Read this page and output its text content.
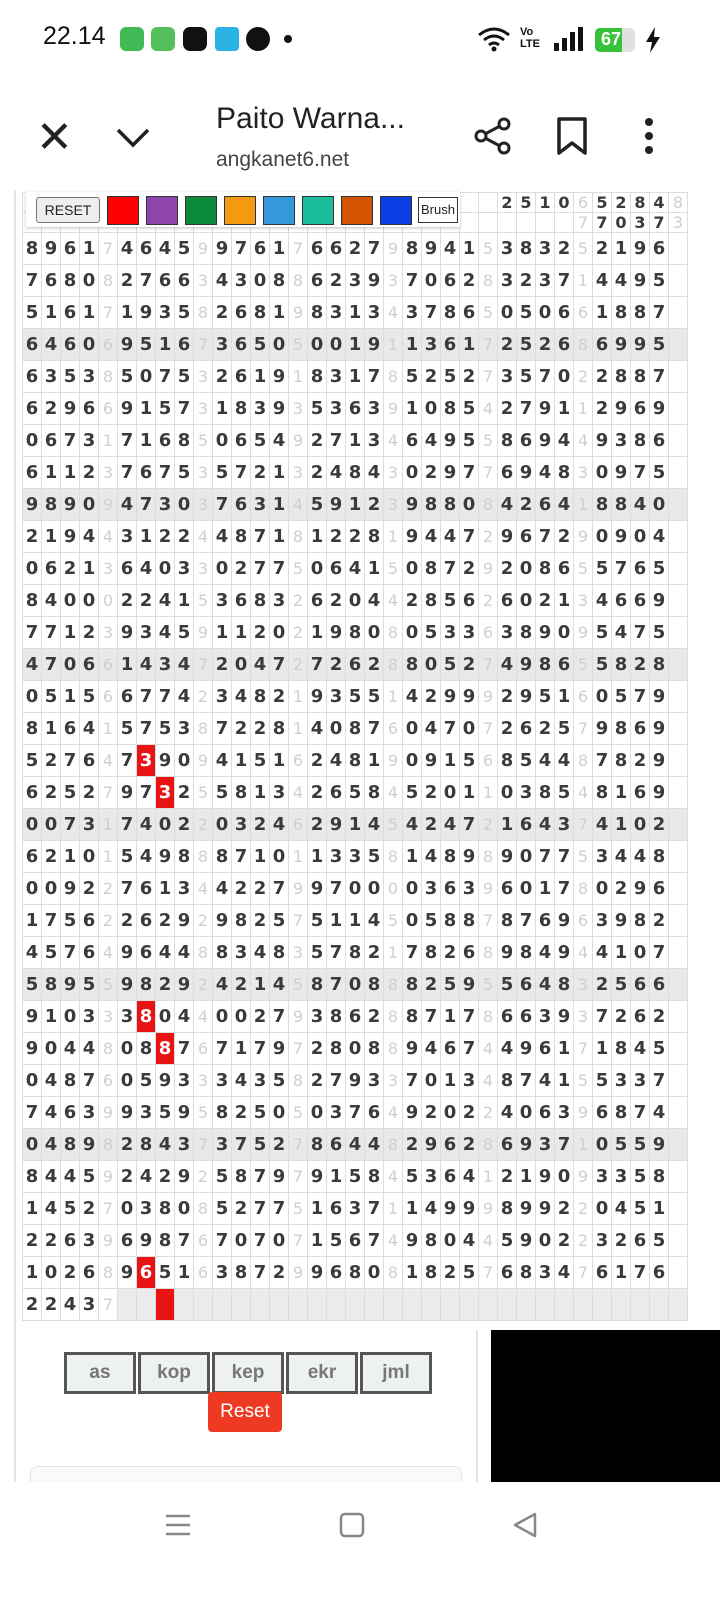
22.14	Vo LTE	67
✕	Paito Warna...
angkanet6.net
																									2	5	1	0	6	5	2	8	4	8
																													7	7	0	3	7	3
8	9	6	1	7	4	6	4	5	9	9	7	6	1	7	6	6	2	7	9	8	9	4	1	5	3	8	3	2	5	2	1	9	6	
7	6	8	0	8	2	7	6	6	3	4	3	0	8	8	6	2	3	9	3	7	0	6	2	8	3	2	3	7	1	4	4	9	5	
5	1	6	1	7	1	9	3	5	8	2	6	8	1	9	8	3	1	3	4	3	7	8	6	5	0	5	0	6	6	1	8	8	7	
6	4	6	0	6	9	5	1	6	7	3	6	5	0	5	0	0	1	9	1	1	3	6	1	7	2	5	2	6	8	6	9	9	5	
6	3	5	3	8	5	0	7	5	3	2	6	1	9	1	8	3	1	7	8	5	2	5	2	7	3	5	7	0	2	2	8	8	7	
6	2	9	6	6	9	1	5	7	3	1	8	3	9	3	5	3	6	3	9	1	0	8	5	4	2	7	9	1	1	2	9	6	9	
0	6	7	3	1	7	1	6	8	5	0	6	5	4	9	2	7	1	3	4	6	4	9	5	5	8	6	9	4	4	9	3	8	6	
6	1	1	2	3	7	6	7	5	3	5	7	2	1	3	2	4	8	4	3	0	2	9	7	7	6	9	4	8	3	0	9	7	5	
9	8	9	0	9	4	7	3	0	3	7	6	3	1	4	5	9	1	2	3	9	8	8	0	8	4	2	6	4	1	8	8	4	0	
2	1	9	4	4	3	1	2	2	4	4	8	7	1	8	1	2	2	8	1	9	4	4	7	2	9	6	7	2	9	0	9	0	4	
0	6	2	1	3	6	4	0	3	3	0	2	7	7	5	0	6	4	1	5	0	8	7	2	9	2	0	8	6	5	5	7	6	5	
8	4	0	0	0	2	2	4	1	5	3	6	8	3	2	6	2	0	4	4	2	8	5	6	2	6	0	2	1	3	4	6	6	9	
7	7	1	2	3	9	3	4	5	9	1	1	2	0	2	1	9	8	0	8	0	5	3	3	6	3	8	9	0	9	5	4	7	5	
4	7	0	6	6	1	4	3	4	7	2	0	4	7	2	7	2	6	2	8	8	0	5	2	7	4	9	8	6	5	5	8	2	8	
0	5	1	5	6	6	7	7	4	2	3	4	8	2	1	9	3	5	5	1	4	2	9	9	9	2	9	5	1	6	0	5	7	9	
8	1	6	4	1	5	7	5	3	8	7	2	2	8	1	4	0	8	7	6	0	4	7	0	7	2	6	2	5	7	9	8	6	9	
5	2	7	6	4	7	3	9	0	9	4	1	5	1	6	2	4	8	1	9	0	9	1	5	6	8	5	4	4	8	7	8	2	9	
6	2	5	2	7	9	7	3	2	5	5	8	1	3	4	2	6	5	8	4	5	2	0	1	1	0	3	8	5	4	8	1	6	9	
0	0	7	3	1	7	4	0	2	2	0	3	2	4	6	2	9	1	4	5	4	2	4	7	2	1	6	4	3	7	4	1	0	2	
6	2	1	0	1	5	4	9	8	8	8	7	1	0	1	1	3	3	5	8	1	4	8	9	8	9	0	7	7	5	3	4	4	8	
0	0	9	2	2	7	6	1	3	4	4	2	2	7	9	9	7	0	0	0	0	3	6	3	9	6	0	1	7	8	0	2	9	6	
1	7	5	6	2	2	6	2	9	2	9	8	2	5	7	5	1	1	4	5	0	5	8	8	7	8	7	6	9	6	3	9	8	2	
4	5	7	6	4	9	6	4	4	8	8	3	4	8	3	5	7	8	2	1	7	8	2	6	8	9	8	4	9	4	4	1	0	7	
5	8	9	5	5	9	8	2	9	2	4	2	1	4	5	8	7	0	8	8	8	2	5	9	5	5	6	4	8	3	2	5	6	6	
9	1	0	3	3	3	8	0	4	4	0	0	2	7	9	3	8	6	2	8	8	7	1	7	8	6	6	3	9	3	7	2	6	2	
9	0	4	4	8	0	8	8	7	6	7	1	7	9	7	2	8	0	8	8	9	4	6	7	4	4	9	6	1	7	1	8	4	5	
0	4	8	7	6	0	5	9	3	3	3	4	3	5	8	2	7	9	3	3	7	0	1	3	4	8	7	4	1	5	5	3	3	7	
7	4	6	3	9	9	3	5	9	5	8	2	5	0	5	0	3	7	6	4	9	2	0	2	2	4	0	6	3	9	6	8	7	4	
0	4	8	9	8	2	8	4	3	7	3	7	5	2	7	8	6	4	4	8	2	9	6	2	8	6	9	3	7	1	0	5	5	9	
8	4	4	5	9	2	4	2	9	2	5	8	7	9	7	9	1	5	8	4	5	3	6	4	1	2	1	9	0	9	3	3	5	8	
1	4	5	2	7	0	3	8	0	8	5	2	7	7	5	1	6	3	7	1	1	4	9	9	9	8	9	9	2	2	0	4	5	1	
2	2	6	3	9	6	9	8	7	6	7	0	7	0	7	1	5	6	7	4	9	8	0	4	4	5	9	0	2	2	3	2	6	5	
1	0	2	6	8	9	6	5	1	6	3	8	7	2	9	9	6	8	0	8	1	8	2	5	7	6	8	3	4	7	6	1	7	6	
2	2	4	3	7																														
RESET	Brush
as	kop	kep	ekr	jml
Reset
